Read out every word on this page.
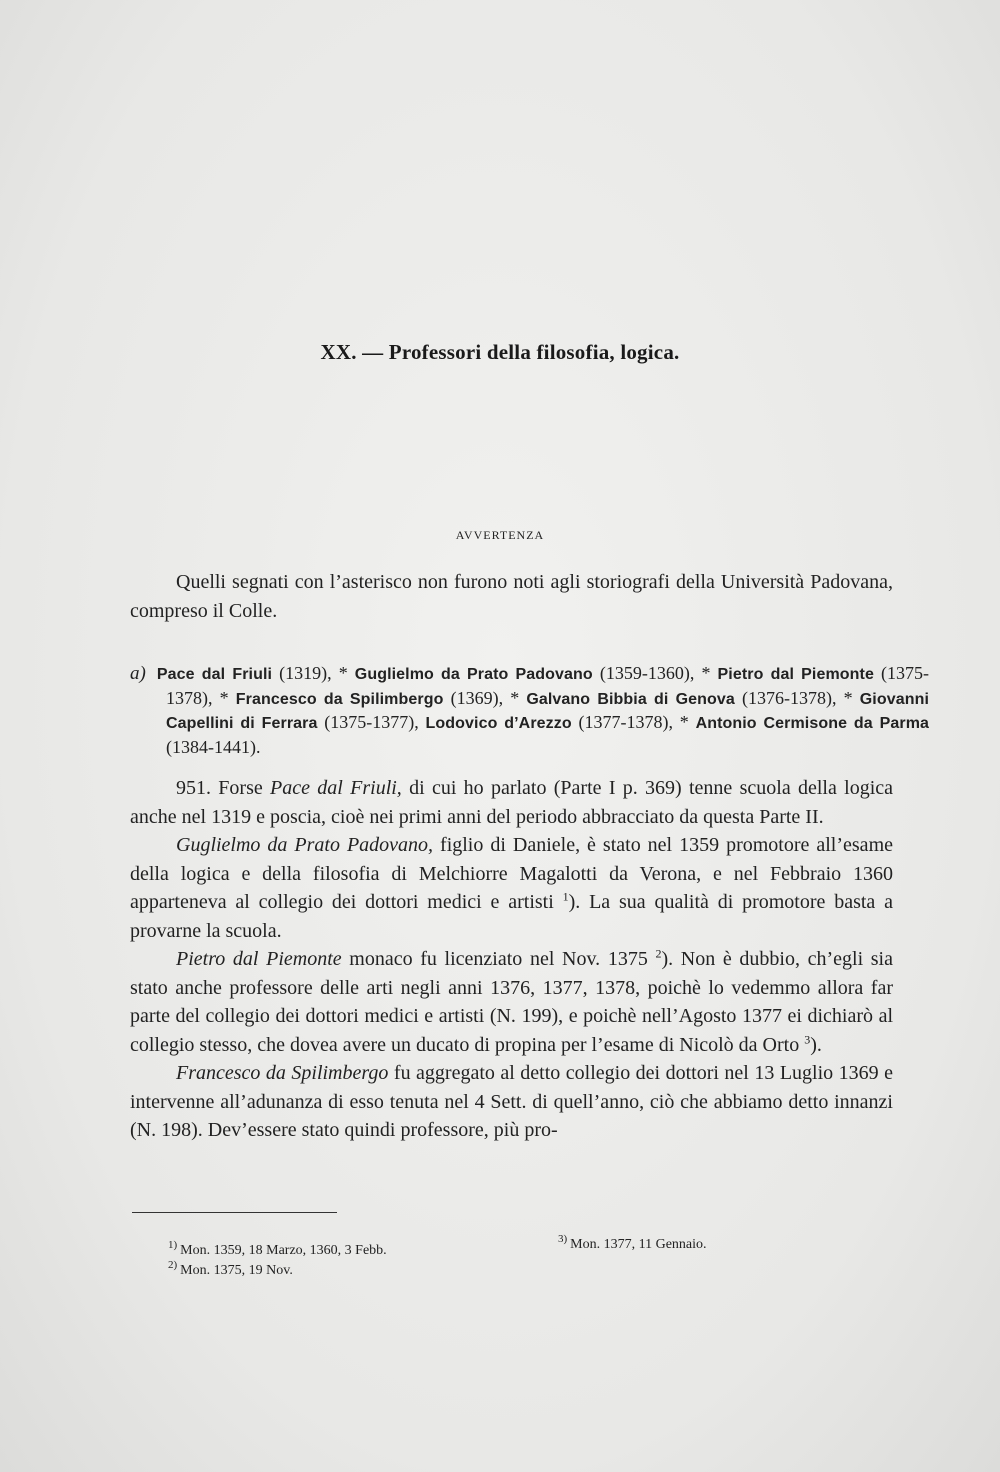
XX. — Professori della filosofia, logica.
AVVERTENZA
Quelli segnati con l’asterisco non furono noti agli storiografi della Università Padovana, compreso il Colle.
a) Pace dal Friuli (1319), * Guglielmo da Prato Padovano (1359-1360), * Pietro dal Piemonte (1375-1378), * Francesco da Spilimbergo (1369), * Galvano Bibbia di Genova (1376-1378), * Giovanni Capellini di Ferrara (1375-1377), Lodovico d’Arezzo (1377-1378), * Antonio Cermisone da Parma (1384-1441).

951. Forse Pace dal Friuli, di cui ho parlato (Parte I p. 369) tenne scuola della logica anche nel 1319 e poscia, cioè nei primi anni del periodo abbracciato da questa Parte II.

Guglielmo da Prato Padovano, figlio di Daniele, è stato nel 1359 promotore all’esame della logica e della filosofia di Melchiorre Magalotti da Verona, e nel Febbraio 1360 apparteneva al collegio dei dottori medici e artisti $^1$). La sua qualità di promotore basta a provarne la scuola.

Pietro dal Piemonte monaco fu licenziato nel Nov. 1375 $^2$). Non è dubbio, ch’egli sia stato anche professore delle arti negli anni 1376, 1377, 1378, poichè lo vedemmo allora far parte del collegio dei dottori medici e artisti (N. 199), e poichè nell’Agosto 1377 ei dichiarò al collegio stesso, che dovea avere un ducato di propina per l’esame di Nicolò da Orto $^3$).

Francesco da Spilimbergo fu aggregato al detto collegio dei dottori nel 13 Luglio 1369 e intervenne all’adunanza di esso tenuta nel 4 Sett. di quell’anno, ciò che abbiamo detto innanzi (N. 198). Dev’essere stato quindi professore, più pro-

$^{1)}$ Mon. 1359, 18 Marzo, 1360, 3 Febb.
$^{2)}$ Mon. 1375, 19 Nov.
$^{3)}$ Mon. 1377, 11 Gennaio.
